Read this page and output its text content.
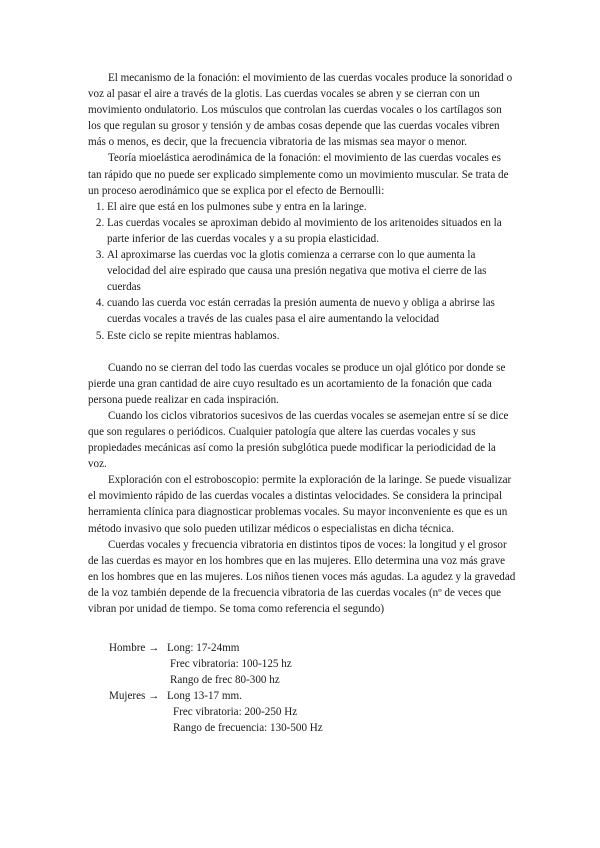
El mecanismo de la fonación: el movimiento de las cuerdas vocales produce la sonoridad o voz al pasar el aire a través de la glotis. Las cuerdas vocales se abren y se cierran con un movimiento ondulatorio. Los músculos que controlan las cuerdas vocales o los cartílagos son los que regulan su grosor y tensión y de ambas cosas depende que las cuerdas vocales vibren más o menos, es decir, que la frecuencia vibratoria de las mismas sea mayor o menor.

Teoría mioelástica aerodinámica de la fonación: el movimiento de las cuerdas vocales es tan rápido que no puede ser explicado simplemente como un movimiento muscular. Se trata de un proceso aerodinámico que se explica por el efecto de Bernoulli:

1. El aire que está en los pulmones sube y entra en la laringe.
2. Las cuerdas vocales se aproximan debido al movimiento de los aritenoides situados en la parte inferior de las cuerdas vocales y a su propia elasticidad.
3. Al aproximarse las cuerdas voc la glotis comienza a cerrarse con lo que aumenta la velocidad del aire espirado que causa una presión negativa que motiva el cierre de las cuerdas
4. cuando las cuerda voc están cerradas la presión aumenta de nuevo y obliga a abrirse las cuerdas vocales a través de las cuales pasa el aire aumentando la velocidad
5. Este ciclo se repite mientras hablamos.

Cuando no se cierran del todo las cuerdas vocales se produce un ojal glótico por donde se pierde una gran cantidad de aire cuyo resultado es un acortamiento de la fonación que cada persona puede realizar en cada inspiración.

Cuando los ciclos vibratorios sucesivos de las cuerdas vocales se asemejan entre sí se dice que son regulares o periódicos. Cualquier patología que altere las cuerdas vocales y sus propiedades mecánicas así como la presión subglótica puede modificar la periodicidad de la voz.

Exploración con el estroboscopio: permite la exploración de la laringe. Se puede visualizar el movimiento rápido de las cuerdas vocales a distintas velocidades. Se considera la principal herramienta clínica para diagnosticar problemas vocales. Su mayor inconveniente es que es un método invasivo que solo pueden utilizar médicos o especialistas en dicha técnica.

Cuerdas vocales y frecuencia vibratoria en distintos tipos de voces: la longitud y el grosor de las cuerdas es mayor en los hombres que en las mujeres. Ello determina una voz más grave en los hombres que en las mujeres. Los niños tienen voces más agudas. La agudez y la gravedad de la voz también depende de la frecuencia vibratoria de las cuerdas vocales (nº de veces que vibran por unidad de tiempo. Se toma como referencia el segundo)

Hombre → Long: 17-24mm
Frec vibratoria: 100-125 hz
Rango de frec 80-300 hz
Mujeres → Long 13-17 mm.
Frec vibratoria: 200-250 Hz
Rango de frecuencia: 130-500 Hz
